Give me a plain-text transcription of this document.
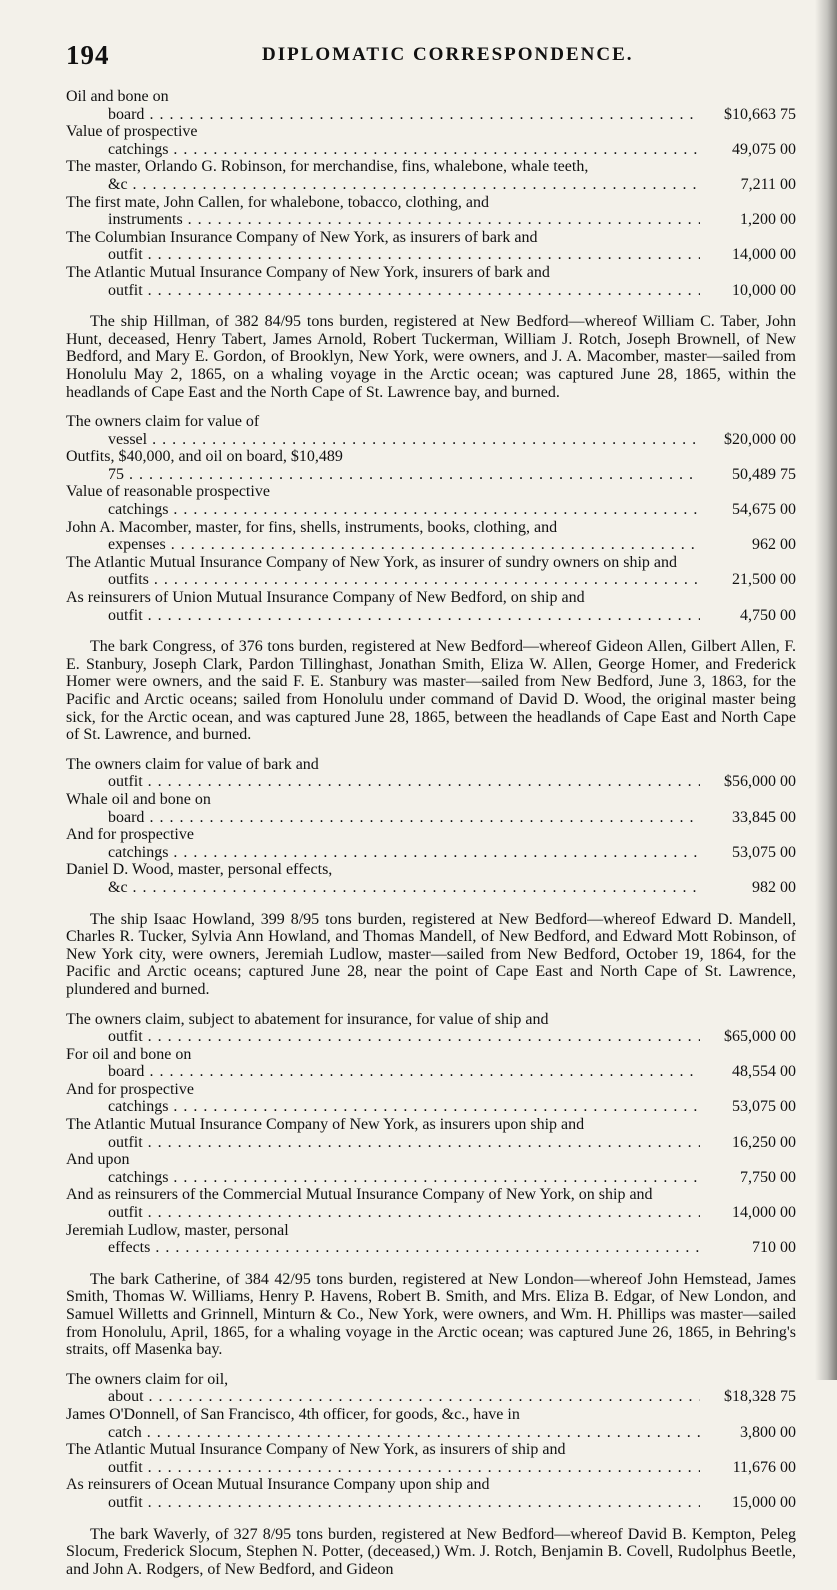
194	DIPLOMATIC CORRESPONDENCE.
Oil and bone on board . . .	$10,663 75
Value of prospective catchings . . .	49,075 00
The master, Orlando G. Robinson, for merchandise, fins, whalebone, whale teeth, &c . . .	7,211 00
The first mate, John Callen, for whalebone, tobacco, clothing, and instruments . . .	1,200 00
The Columbian Insurance Company of New York, as insurers of bark and outfit . . .	14,000 00
The Atlantic Mutual Insurance Company of New York, insurers of bark and outfit . . .	10,000 00

The ship Hillman, of 382 84/95 tons burden, registered at New Bedford—whereof William C. Taber, John Hunt, deceased, Henry Tabert, James Arnold, Robert Tuckerman, William J. Rotch, Joseph Brownell, of New Bedford, and Mary E. Gordon, of Brooklyn, New York, were owners, and J. A. Macomber, master—sailed from Honolulu May 2, 1865, on a whaling voyage in the Arctic ocean; was captured June 28, 1865, within the headlands of Cape East and the North Cape of St. Lawrence bay, and burned.

The owners claim for value of vessel . . .	$20,000 00
Outfits, $40,000, and oil on board, $10,489 75 . . .	50,489 75
Value of reasonable prospective catchings . . .	54,675 00
John A. Macomber, master, for fins, shells, instruments, books, clothing, and expenses . . .	962 00
The Atlantic Mutual Insurance Company of New York, as insurer of sundry owners on ship and outfits . . .	21,500 00
As reinsurers of Union Mutual Insurance Company of New Bedford, on ship and outfit . . .	4,750 00

The bark Congress, of 376 tons burden, registered at New Bedford—whereof Gideon Allen, Gilbert Allen, F. E. Stanbury, Joseph Clark, Pardon Tillinghast, Jonathan Smith, Eliza W. Allen, George Homer, and Frederick Homer were owners, and the said F. E. Stanbury was master—sailed from New Bedford, June 3, 1863, for the Pacific and Arctic oceans; sailed from Honolulu under command of David D. Wood, the original master being sick, for the Arctic ocean, and was captured June 28, 1865, between the headlands of Cape East and North Cape of St. Lawrence, and burned.

The owners claim for value of bark and outfit . . .	$56,000 00
Whale oil and bone on board . . .	33,845 00
And for prospective catchings . . .	53,075 00
Daniel D. Wood, master, personal effects, &c . . .	982 00

The ship Isaac Howland, 399 8/95 tons burden, registered at New Bedford—whereof Edward D. Mandell, Charles R. Tucker, Sylvia Ann Howland, and Thomas Mandell, of New Bedford, and Edward Mott Robinson, of New York city, were owners, Jeremiah Ludlow, master—sailed from New Bedford, October 19, 1864, for the Pacific and Arctic oceans; captured June 28, near the point of Cape East and North Cape of St. Lawrence, plundered and burned.

The owners claim, subject to abatement for insurance, for value of ship and outfit . . .	$65,000 00
For oil and bone on board . . .	48,554 00
And for prospective catchings . . .	53,075 00
The Atlantic Mutual Insurance Company of New York, as insurers upon ship and outfit . . .	16,250 00
And upon catchings . . .	7,750 00
And as reinsurers of the Commercial Mutual Insurance Company of New York, on ship and outfit . . .	14,000 00
Jeremiah Ludlow, master, personal effects . . .	710 00

The bark Catherine, of 384 42/95 tons burden, registered at New London—whereof John Hemstead, James Smith, Thomas W. Williams, Henry P. Havens, Robert B. Smith, and Mrs. Eliza B. Edgar, of New London, and Samuel Willetts and Grinnell, Minturn & Co., New York, were owners, and Wm. H. Phillips was master—sailed from Honolulu, April, 1865, for a whaling voyage in the Arctic ocean; was captured June 26, 1865, in Behring's straits, off Masenka bay.

The owners claim for oil, about . . .	$18,328 75
James O'Donnell, of San Francisco, 4th officer, for goods, &c., have in catch . . .	3,800 00
The Atlantic Mutual Insurance Company of New York, as insurers of ship and outfit . . .	11,676 00
As reinsurers of Ocean Mutual Insurance Company upon ship and outfit . . .	15,000 00

The bark Waverly, of 327 8/95 tons burden, registered at New Bedford—whereof David B. Kempton, Peleg Slocum, Frederick Slocum, Stephen N. Potter, (deceased,) Wm. J. Rotch, Benjamin B. Covell, Rudolphus Beetle, and John A. Rodgers, of New Bedford, and Gideon
